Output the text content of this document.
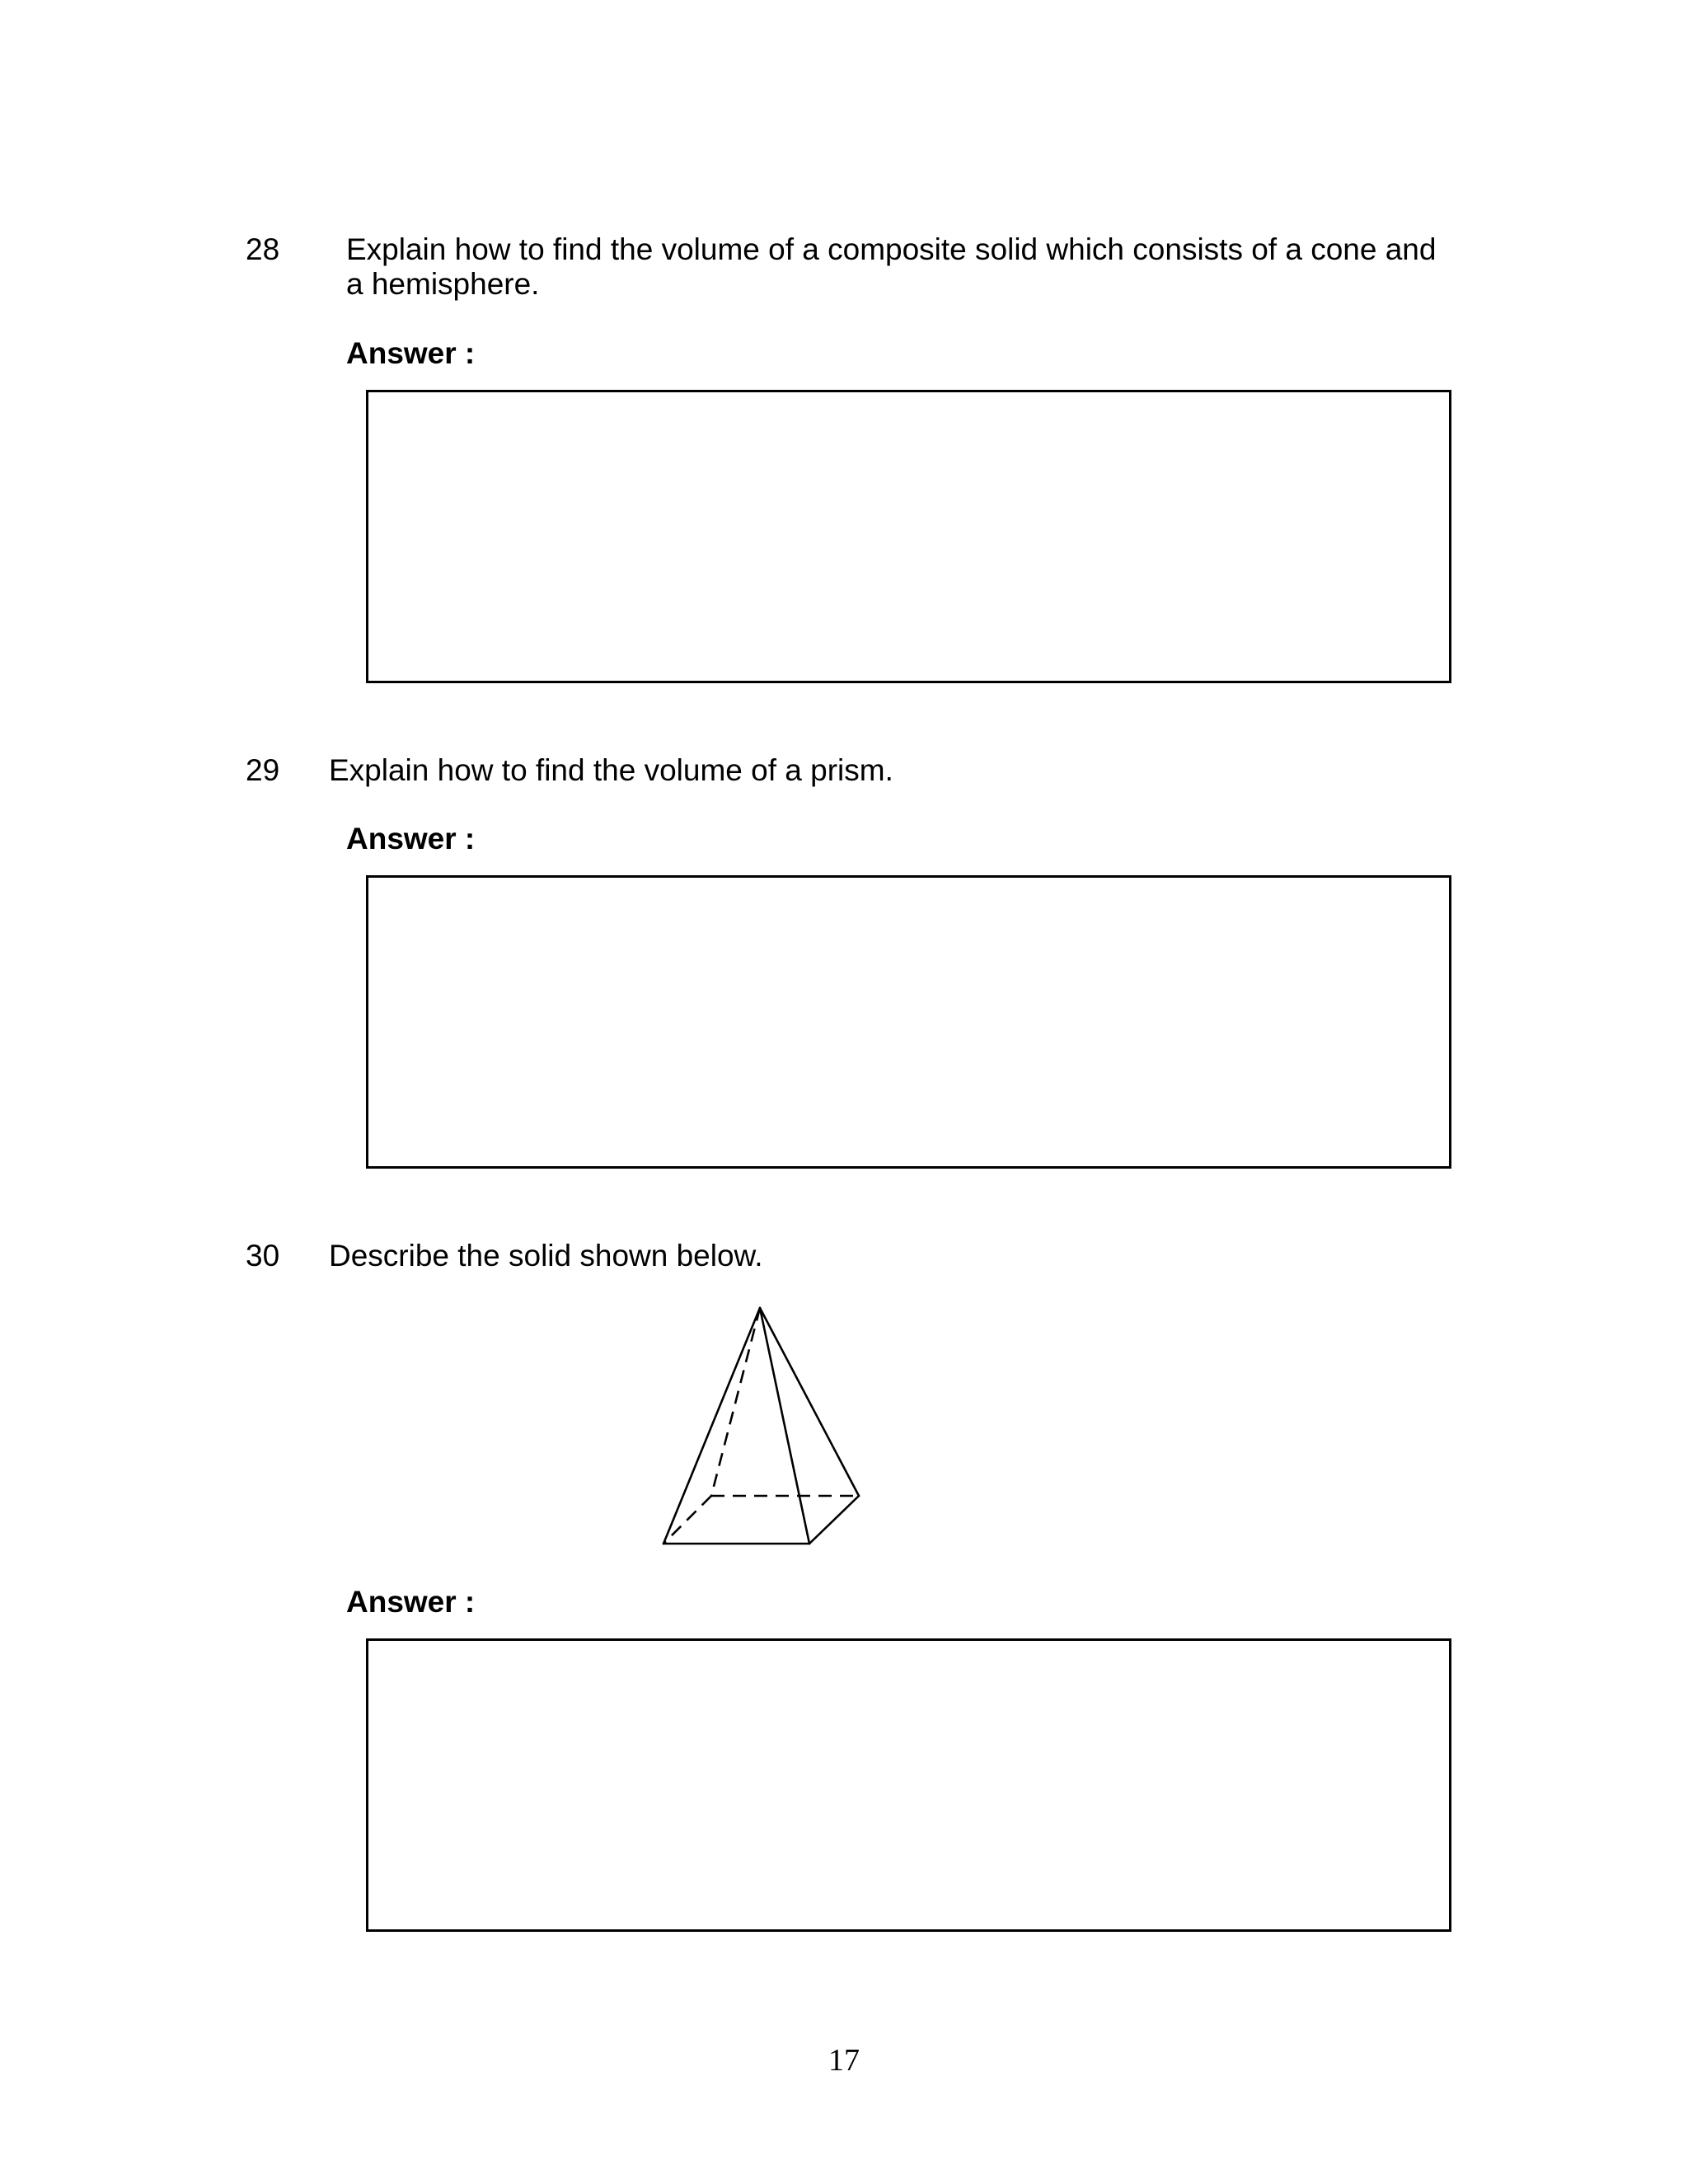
28 Explain how to find the volume of a composite solid which consists of a cone and
a hemisphere.
Answer :
29 Explain how to find the volume of a prism.
Answer :
30 Describe the solid shown below.
Answer :
17
